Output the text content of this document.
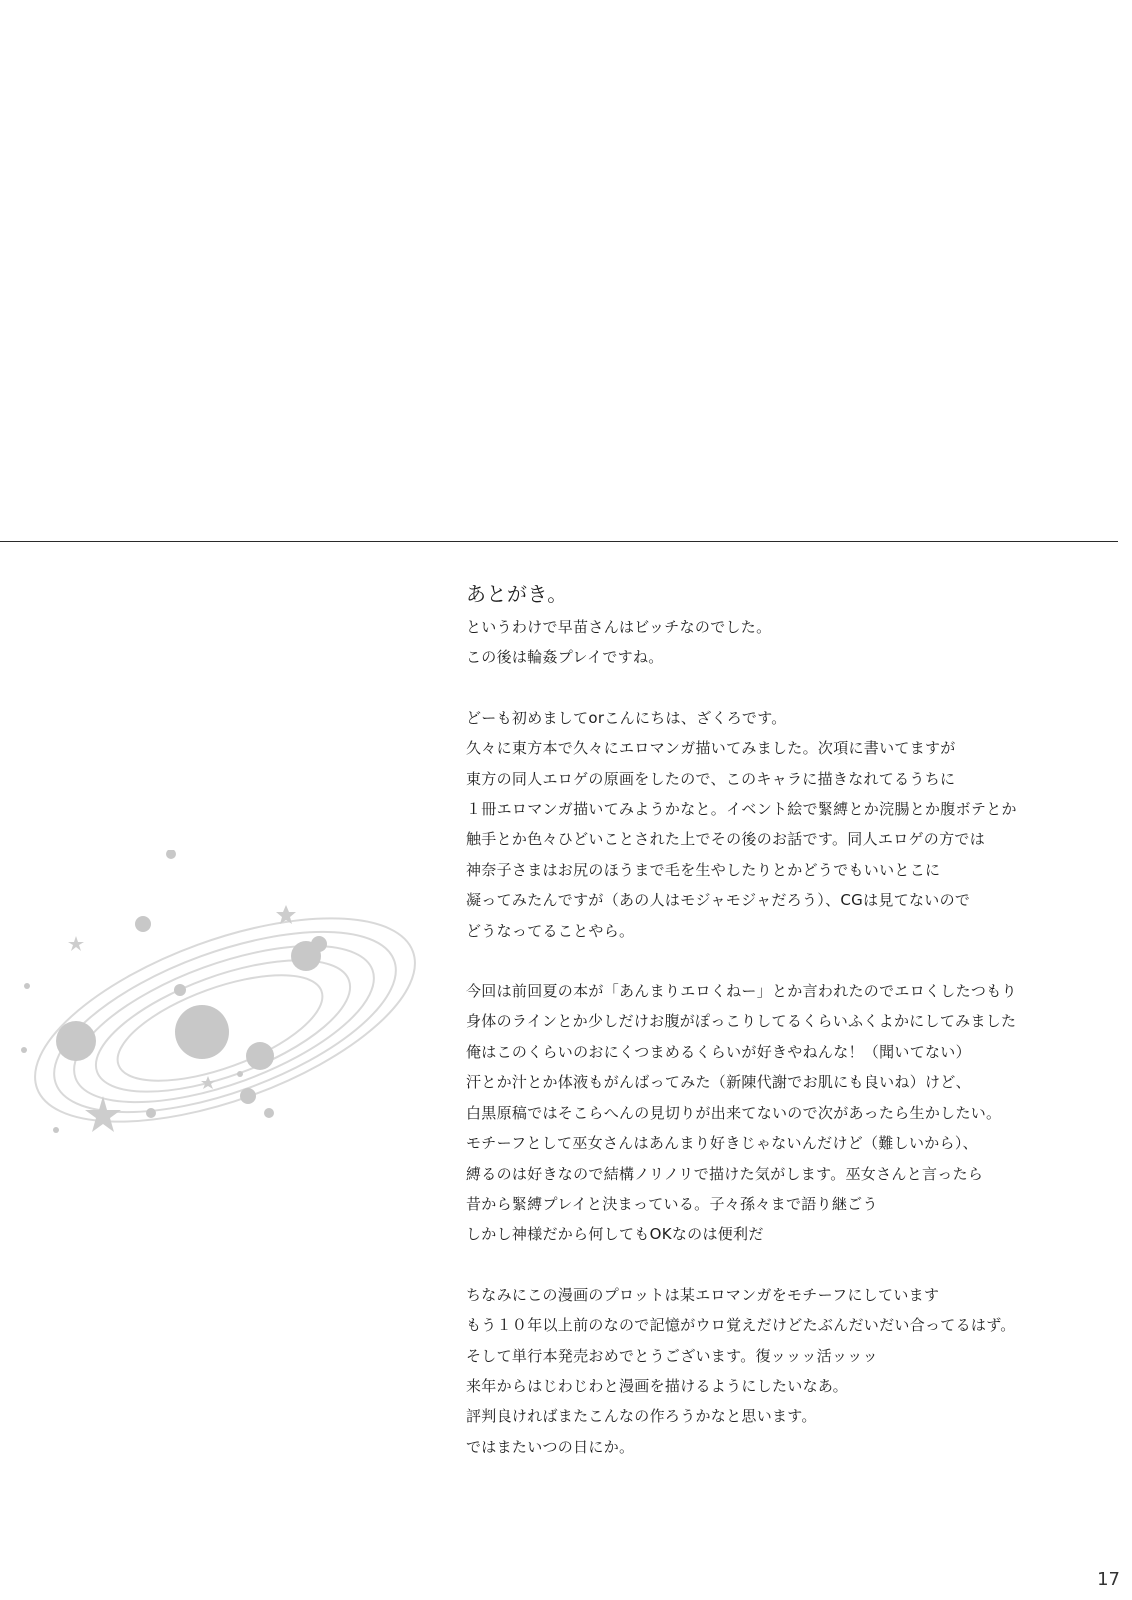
あとがき。
というわけで早苗さんはビッチなのでした。
この後は輪姦プレイですね。
どーも初めましてorこんにちは、ざくろです。
久々に東方本で久々にエロマンガ描いてみました。次項に書いてますが
東方の同人エロゲの原画をしたので、このキャラに描きなれてるうちに
１冊エロマンガ描いてみようかなと。イベント絵で緊縛とか浣腸とか腹ボテとか
触手とか色々ひどいことされた上でその後のお話です。同人エロゲの方では
神奈子さまはお尻のほうまで毛を生やしたりとかどうでもいいとこに
凝ってみたんですが（あの人はモジャモジャだろう）、CGは見てないので
どうなってることやら。
今回は前回夏の本が「あんまりエロくねー」とか言われたのでエロくしたつもり
身体のラインとか少しだけお腹がぽっこりしてるくらいふくよかにしてみました
俺はこのくらいのおにくつまめるくらいが好きやねんな！（聞いてない）
汗とか汁とか体液もがんばってみた（新陳代謝でお肌にも良いね）けど、
白黒原稿ではそこらへんの見切りが出来てないので次があったら生かしたい。
モチーフとして巫女さんはあんまり好きじゃないんだけど（難しいから）、
縛るのは好きなので結構ノリノリで描けた気がします。巫女さんと言ったら
昔から緊縛プレイと決まっている。子々孫々まで語り継ごう
しかし神様だから何してもOKなのは便利だ
ちなみにこの漫画のプロットは某エロマンガをモチーフにしています
もう１０年以上前のなので記憶がウロ覚えだけどたぶんだいだい合ってるはず。
そして単行本発売おめでとうございます。復ッッッ活ッッッ
来年からはじわじわと漫画を描けるようにしたいなあ。
評判良ければまたこんなの作ろうかなと思います。
ではまたいつの日にか。
17
